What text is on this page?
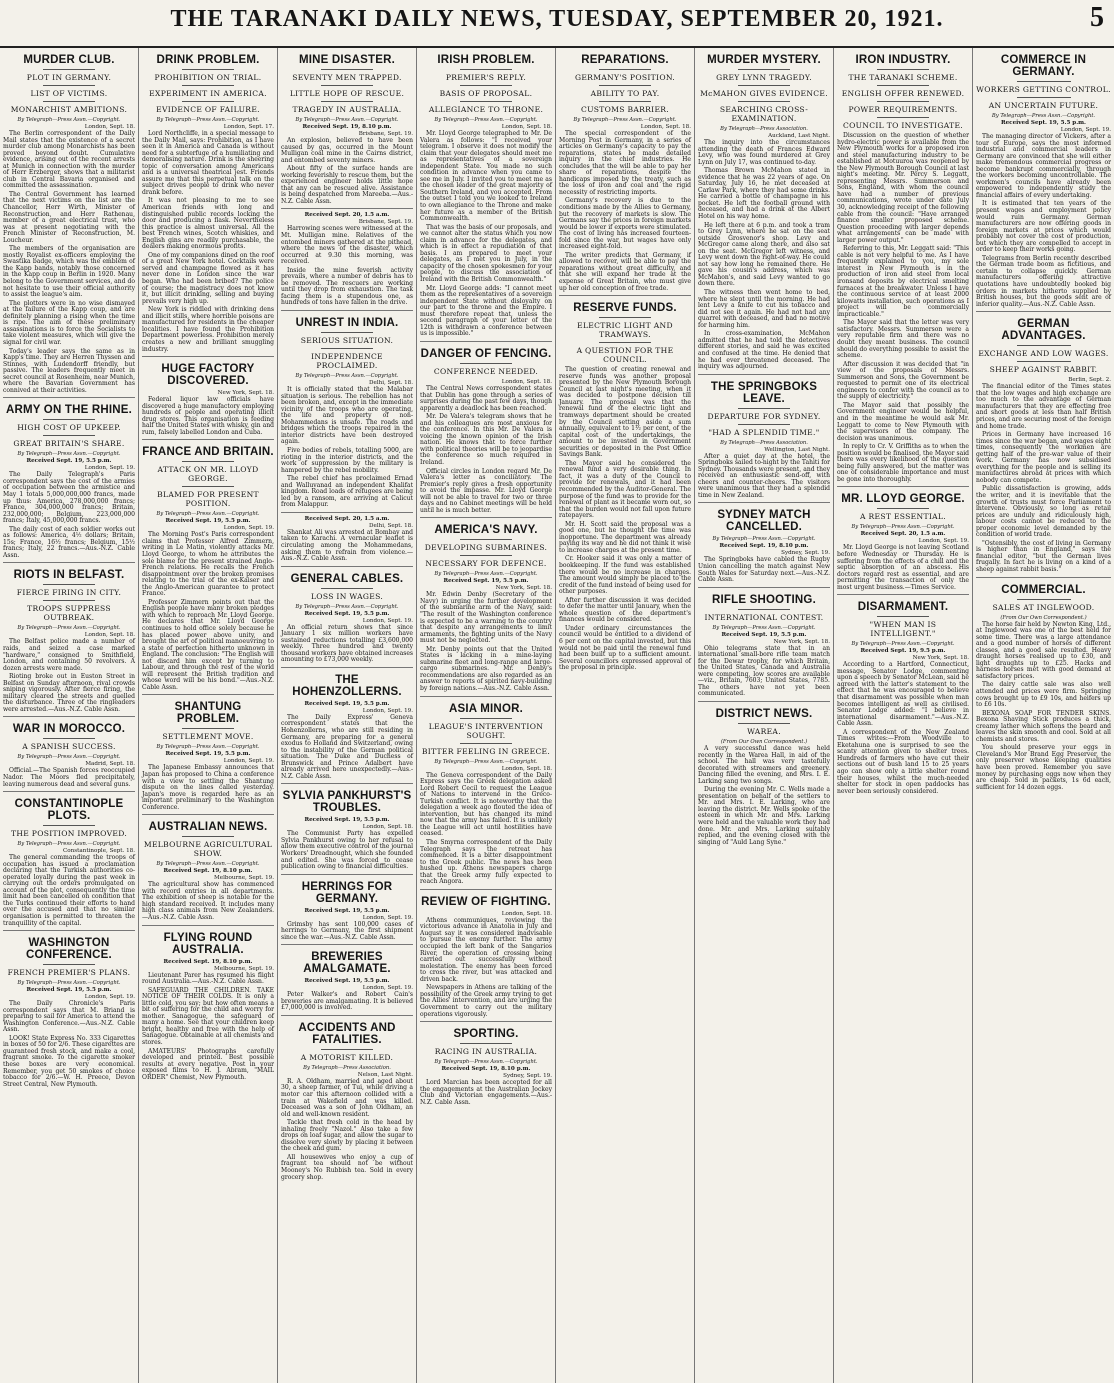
THE TARANAKI DAILY NEWS, TUESDAY, SEPTEMBER 20, 1921.	5
MURDER CLUB.
PLOT IN GERMANY.
LIST OF VICTIMS.
MONARCHIST AMBITIONS.
By Telegraph—Press Assn.—Copyright.
London, Sept. 18.

The Berlin correspondent of the Daily Mail states that the existence of a secret murder club among Monarchists has been proved beyond doubt. Cumulative evidence, arising out of the recent arrests at Munich in connection with the murder of Herr Erzberger, shows that a militarist club in Central Bavaria organised and committed the assassination.

The Central Government has learned that the next victims on the list are the Chancellor, Herr Wirth, Minister of Reconstruction, and Herr Rathenau, member of a great electrical trust, who was at present negotiating with the French Minister of Reconstruction, M. Loucheur.

The members of the organisation are mostly Royalist ex-officers employing the Swastika badge, which was the emblem of the Kapp bands, notably those concerned in the Kapp coup in Berlin in 1920. Many belong to the Government services, and do not hesitate to use their official authority to assist the league's aim.

The plotters were in no wise dismayed at the failure of the Kapp coup, and are definitely planning a rising when the time is ripe. The aim of these preliminary assassinations is to force the Socialists to take violent measures, which will give the signal for civil war.

Today's leader says the same as in Kapp's time. They are Herren Thyssen and Stinnes, with Ludendorff friendly, but passive. The leaders frequently meet in secret council at Rosenheim, near Munich, where the Bavarian Government has connived at their activities.

ARMY ON THE RHINE.
HIGH COST OF UPKEEP.
GREAT BRITAIN'S SHARE.
By Telegraph—Press Assn.—Copyright.
Received Sept. 19, 5.5 p.m.
London, Sept. 19.

The Daily Telegraph's Paris correspondent says the cost of the armies of occupation between the armistice and May 1 totals 5,000,000,000 francs, made up thus: America, 278,000,000 francs; France, 304,000,000 francs; Britain, 232,000,000; Belgium, 223,000,000 francs; Italy, 45,000,000 francs.

The daily cost of each soldier works out as follows: America, 4½ dollars; Britain, 15s; France, 16½ francs; Belgium, 15½ francs; Italy, 22 francs.—Aus.-N.Z. Cable Assn.

RIOTS IN BELFAST.
FIERCE FIRING IN CITY.
TROOPS SUPPRESS OUTBREAK.
By Telegraph—Press Assn.—Copyright.
London, Sept. 18.

The Belfast police made a number of raids, and seized a case marked "hardware," consigned to Smithfield, London, and containing 50 revolvers. A dozen arrests were made.

Rioting broke out in Euston Street in Belfast on Sunday afternoon, rival crowds sniping vigorously. After fierce firing, the military cleared the streets and quelled the disturbance. Three of the ringleaders were arrested.—Aus.-N.Z. Cable Assn.

WAR IN MOROCCO.
A SPANISH SUCCESS.
By Telegraph—Press Assn.—Copyright.
Madrid, Sept. 18.

Official.—The Spanish forces reoccupied Nador. The Moors fled precipitately, leaving numerous dead and several guns.

CONSTANTINOPLE PLOTS.
THE POSITION IMPROVED.
By Telegraph—Press Assn.—Copyright.
Constantinople, Sept. 18.

The general commanding the troops of occupation has issued a proclamation declaring that the Turkish authorities co-operated loyally during the past week in carrying out the orders promulgated on account of the plot, consequently the time limit had been cancelled on condition that the Turks continued their efforts to hand over the accused and that no similar organisation is permitted to threaten the tranquillity of the capital.

WASHINGTON CONFERENCE.
FRENCH PREMIER'S PLANS.
By Telegraph—Press Assn.—Copyright.
Received Sept. 19, 5.5 p.m.
London, Sept. 19.

The Daily Chronicle's Paris correspondent says that M. Briand is preparing to sail for America to attend the Washington Conference.—Aus.-N.Z. Cable Assn.

LOOK! State Express No. 333 Cigarettes in boxes of 50 for 2/6. These cigarettes are guaranteed fresh stock, and make a cool, fragrant smoke. To the cigarette smoker these boxes are very economical. Remember, you get 50 smokes of choice tobacco for 2/6.—W. H. Preece, Devon Street Central, New Plymouth.

DRINK PROBLEM.
PROHIBITION ON TRIAL.
EXPERIMENT IN AMERICA.
EVIDENCE OF FAILURE.
By Telegraph—Press Assn.—Copyright.
London, Sept. 17.

Lord Northcliffe, in a special message to the Daily Mail, says: Prohibition, as I have seen it in America and Canada is without need for a subterfuge of a humiliating and demoralising nature. Drink is the sheering topic of conversation among Americans and is a universal theatrical jest. Friends assure me that this perpetual talk on the subject drives people to drink who never drank before.

It was not pleasing to me to see American friends with long and distinguished public records locking the door and producing a flask. Nevertheless this practice is almost universal. All the best French wines, Scotch whiskies, and English gins are readily purchasable, the dealers making enormous profits.

One of my companions dined on the roof of a great New York hotel. Cocktails were served and champagne flowed as it has never done in London since the war began. Who had been bribed? The police of course; the magistracy does not know it, but illicit drinking, selling and buying prevails very high up.

New York is riddled with drinking dens and illicit stills, where horrible poisons are manufactured for residents in the cheaper localities. I have found the Prohibition Department powerless. Prohibition merely creates a new and brilliant smuggling industry.

HUGE FACTORY DISCOVERED.
New York, Sept. 18.

Federal liquor law officials have discovered a huge manufactory employing hundreds of people and operating illicit drug stores. This organisation is feeding half the United States with whisky, gin and rum, falsely labelled London and Cuba.

FRANCE AND BRITAIN.
ATTACK ON MR. LLOYD GEORGE.
BLAMED FOR PRESENT POSITION.
By Telegraph—Press Assn.—Copyright.
Received Sept. 19, 5.5 p.m.
London, Sept. 19.

The Morning Post's Paris correspondent claims that Professor Alfred Zimmern, writing in Le Matin, violently attacks Mr. Lloyd George, to whom he attributes the sole blame for the present strained Anglo-French relations. He recalls the French disappointment over the broken promises relating to the trial of the ex-Kaiser and the Anglo-American guarantee to protect France.

Professor Zimmern points out that the English people have many broken pledges with which to reproach Mr. Lloyd George. He declares that Mr. Lloyd George continues to hold office solely because he has placed power above unity, and brought the art of political manoeuvring to a state of perfection hitherto unknown in England. The conclusion: "The English will not discard him except by turning to Labour, and through the rest of the world will represent the British tradition and whose word will be his bond."—Aus.-N.Z. Cable Assn.

SHANTUNG PROBLEM.
SETTLEMENT MOVE.
By Telegraph—Press Assn.—Copyright.
Received Sept. 19, 5.5 p.m.
London, Sept. 19.

The Japanese Embassy announces that Japan has proposed to China a conference with a view to settling the Shantung dispute on the lines called yesterday. Japan's move is regarded here as an important preliminary to the Washington Conference.

AUSTRALIAN NEWS.
MELBOURNE AGRICULTURAL SHOW.
By Telegraph—Press Assn.—Copyright.
Received Sept. 19, 8.10 p.m.
Melbourne, Sept. 19.

The agricultural show has commenced with record entries in all departments. The exhibition of sheep is notable for the high standard received. It includes many high class animals from New Zealanders.—Aus.-N.Z. Cable Assn.

FLYING ROUND AUSTRALIA.
Received Sept. 19, 8.10 p.m.
Melbourne, Sept. 19.

Lieutenant Parer has resumed his flight round Australia.—Aus.-N.Z. Cable Assn.

SAFEGUARD THE CHILDREN. TAKE NOTICE OF THEIR COLDS. It is only a little cold, you say; but how often means a bit of suffering for the child and worry for mother. Sanagogue, the safeguard of many a home. See that your children keep bright, healthy and free with the help of Sanagogue. Obtainable at all chemists and stores.

AMATEURS' Photographs carefully developed and printed. Best possible results at every negative. Post in your exposed films to H. J. Abram, "MAIL ORDER" Chemist, New Plymouth.

MINE DISASTER.
SEVENTY MEN TRAPPED.
LITTLE HOPE OF RESCUE.
TRAGEDY IN AUSTRALIA.
By Telegraph—Press Assn.—Copyright.
Received Sept. 19, 8.10 p.m.
Brisbane, Sept. 19.

An explosion, believed to have been caused by gas, occurred in the Mount Mulligan coal mine in the Cairns district, and entombed seventy miners.

About fifty of the surface hands are working feverishly to rescue them, but the experienced engineer holds little hope that any can be rescued alive. Assistance is being despatched from Mareeba.—Aus.-N.Z. Cable Assn.

Received Sept. 20, 1.5 a.m.
Brisbane, Sept. 19.

Harrowing scenes were witnessed at the Mt. Mulligan mine. Relatives of the entombed miners gathered at the pithead, where the news of the disaster, which occurred at 9.30 this morning, was received.

Inside the mine feverish activity prevails, where a number of debris has to be removed. The rescuers are working until they drop from exhaustion. The task facing them is a stupendous one, as hundreds of tons have fallen in the drive.

UNREST IN INDIA.
SERIOUS SITUATION.
INDEPENDENCE PROCLAIMED.
By Telegraph—Press Assn.—Copyright.
Delhi, Sept. 18.

It is officially stated that the Malabar situation is serious. The rebellion has not been broken, and, except in the immediate vicinity of the troops who are operating, the life and property of non-Mohammedans is unsafe. The roads and bridges which the troops repaired in the interior districts have been destroyed again.

Five bodies of rebels, totalling 5000, are rioting in the interior districts, and the work of suppression by the military is hampered by the rebel mobility.

The rebel chief has proclaimed Ernad and Walluvanad an independent Khalifat kingdom. Road loads of refugees are being led by a ransom, are arriving at Calicut from Malappur.

Received Sept. 20, 1.5 a.m.
Delhi, Sept. 18.

Shankat Ali was arrested at Bombay and taken to Karachi. A vernacular leaflet is circulating among the Mohammedans, asking them to refrain from violence.—Aus.-N.Z. Cable Assn.

GENERAL CABLES.
LOSS IN WAGES.
By Telegraph—Press Assn.—Copyright.
Received Sept. 19, 5.5 p.m.
London, Sept. 19.

An official return shows that since January 1 six million workers have sustained reductions totalling £3,600,000 weekly. Three hundred and twenty thousand workers have obtained increases amounting to £73,000 weekly.

THE HOHENZOLLERNS.
Received Sept. 19, 5.5 p.m.
London, Sept. 19.

The Daily Express' Geneva correspondent states that the Hohenzollerns, who are still residing in Germany, are preparing for a general exodus to Holland and Switzerland, owing to the instability of the German political situation. The Duke and Duchess of Brunswick and Prince Adalbert have already arrived here unexpectedly.—Aus.-N.Z. Cable Assn.

SYLVIA PANKHURST'S TROUBLES.
Received Sept. 19, 5.5 p.m.
London, Sept. 18.

The Communist Party has expelled Sylvia Pankhurst owing to her refusal to allow them executive control of the journal Workers' Dreadnought, which she founded and edited. She was forced to cease publication owing to financial difficulties.

HERRINGS FOR GERMANY.
Received Sept. 19, 5.5 p.m.
London, Sept. 19.

Grimsby has sent 100,000 cases of herrings to Germany, the first shipment since the war.—Aus.-N.Z. Cable Assn.

BREWERIES AMALGAMATE.
Received Sept. 19, 5.5 p.m.
London, Sept. 19.

Peter Walker's and Robert Cain's breweries are amalgamating. It is believed £7,000,000 is involved.

ACCIDENTS AND FATALITIES.
A MOTORIST KILLED.
By Telegraph—Press Association.
Nelson, Last Night.

R. A. Oldham, married and aged about 30, a sheep farmer, of Tui, while driving a motor car this afternoon collided with a train at Wakefield and was killed. Deceased was a son of John Oldham, an old and well-known resident.

Tackle that fresh cold in the head by inhaling freely "Nazol." Also take a few drops on loaf sugar, and allow the sugar to dissolve very slowly by placing it between the cheek and gum.

All housewives who enjoy a cup of fragrant tea should not be without Mooney's No Rubbish tea. Sold in every grocery shop.

IRISH PROBLEM.
PREMIER'S REPLY.
BASIS OF PROPOSAL.
ALLEGIANCE TO THRONE.
By Telegraph—Press Assn.—Copyright.
London, Sept. 18.

Mr. Lloyd George telegraphed to Mr. De Valera as follows: "I received your telegram. I observe it does not modify the claim that your delegates should meet me as representatives of a sovereign independent State. You made no such condition in advance when you came to see me in July. I invited you to meet me as the chosen leader of the great majority of Southern Ireland, and you accepted. From the outset I told you we looked to Ireland to own allegiance to the Throne and make her future as a member of the British Commonwealth.

That was the basis of our proposals, and we cannot alter the status which you now claim in advance for the delegates, and which is in effect a repudiation of that basis. I am prepared to meet your delegates, as I met you in July, in the capacity of the chosen spokesmen for your people, to discuss the association of Ireland with the British Commonwealth."

Mr. Lloyd George adds: "I cannot meet them as the representatives of a sovereign independent State without disloyalty on our part to the throne and the Empire. I must therefore repeat that, unless the second paragraph of your letter of the 12th is withdrawn a conference between us is impossible."

DANGER OF FENCING.
CONFERENCE NEEDED.
London, Sept. 18.

The Central News correspondent states that Dublin has gone through a series of surprises during the past few days, though apparently a deadlock has been reached.

Mr. De Valera's telegram shows that he and his colleagues are most anxious for the conference. In this Mr. De Valera is voicing the known opinion of the Irish nation. He knows that to force further with political theories will be to jeopardise the conference so much required in Ireland.

Official circles in London regard Mr. De Valera's letter as conciliatory. The Premier's reply gives a fresh opportunity to avoid the impasse. Mr. Lloyd George will not be able to travel for two or three days and no Cabinet meetings will be held until he is much better.

AMERICA'S NAVY.
DEVELOPING SUBMARINES.
NECESSARY FOR DEFENCE.
By Telegraph—Press Assn.—Copyright.
Received Sept. 19, 5.5 p.m.
New York, Sept. 18.

Mr. Edwin Denby (Secretary of the Navy) in urging the further development of the submarine arm of the Navy, said: "The result of the Washington conference is expected to be a warning to the country that despite any arrangements to limit armaments, the fighting units of the Navy must not be neglected."

Mr. Denby points out that the United States is lacking in a mine-laying submarine fleet and long-range and large-cargo submarines. Mr. Denby's recommendations are also regarded as an answer to reports of spirited navy-building by foreign nations.—Aus.-N.Z. Cable Assn.

ASIA MINOR.
LEAGUE'S INTERVENTION SOUGHT.
BITTER FEELING IN GREECE.
By Telegraph—Press Assn.—Copyright.
London, Sept. 18.

The Geneva correspondent of the Daily Express says the Greek delegation asked Lord Robert Cecil to request the League of Nations to intervene in the Greco-Turkish conflict. It is noteworthy that the delegation a week ago flouted the idea of intervention, but has changed its mind now that the army has failed. It is unlikely the League will act until hostilities have ceased.

The Smyrna correspondent of the Daily Telegraph says the retreat has commenced. It is a bitter disappointment to the Greek public. The news has been hushed up. Athens newspapers charge that the Greek army fully expected to reach Angora.

REVIEW OF FIGHTING.
London, Sept. 18.

Athens communiques, reviewing the victorious advance in Anatolia in July and August say it was considered inadvisable to pursue the enemy further. The army occupied the left bank of the Sangarios River, the operation of crossing being carried out successfully without molestation. The enemy has been forced to cross the river, but was attacked and driven back.

Newspapers in Athens are talking of the possibility of the Greek army trying to get the Allies' intervention, and are urging the Government to carry out the military operations vigorously.

SPORTING.
RACING IN AUSTRALIA.
By Telegraph—Press Assn.—Copyright.
Received Sept. 19, 8.10 p.m.
Sydney, Sept. 19.

Lord Marcian has been accepted for all the engagements at the Australian Jockey Club and Victorian engagements.—Aus.-N.Z. Cable Assn.

REPARATIONS.
GERMANY'S POSITION.
ABILITY TO PAY.
CUSTOMS BARRIER.
By Telegraph—Press Assn.—Copyright.
London, Sept. 18.

The special correspondent of the Morning Post in Germany, in a series of articles on Germany's capacity to pay the reparations, states he made detailed inquiry in the chief industries. He concludes that the will be able to pay her share of reparations, despite the handicaps imposed by the treaty, such as the loss of iron and coal and the rigid necessity of restricting imports.

Germany's recovery is due to the conditions made by the Allies to Germany, but the recovery of markets is slow. The Germans say the prices in foreign markets would be lower if exports were stimulated. The cost of living has increased fourteen-fold since the war, but wages have only increased eight-fold.

The writer predicts that Germany, if allowed to recover, will be able to pay the reparations without great difficulty, and that she will expand her trade at the expense of Great Britain, who must give up her old conception of free trade.

RESERVE FUNDS.
ELECTRIC LIGHT AND TRAMWAYS.
A QUESTION FOR THE COUNCIL.

The question of creating renewal and reserve funds was another proposal presented by the New Plymouth Borough Council at last night's meeting, when it was decided to postpone decision till January. The proposal was that the renewal fund of the electric light and tramways department should be created by the Council setting aside a sum annually, equivalent to 1½ per cent, of the capital cost of the undertakings, the amount to be invested in Government securities or deposited in the Post Office Savings Bank.

The Mayor said he considered the renewal fund a very desirable thing. In fact, it was a duty of the Council to provide for renewals, and it had been recommended by the Auditor-General. The purpose of the fund was to provide for the renewal of plant as it became worn out, so that the burden would not fall upon future ratepayers.

Mr. H. Scott said the proposal was a good one, but he thought the time was inopportune. The department was already paying its way and he did not think it wise to increase charges at the present time.

Cr. Hooker said it was only a matter of bookkeeping. If the fund was established there would be no increase in charges. The amount would simply be placed to the credit of the fund instead of being used for other purposes.

After further discussion it was decided to defer the matter until January, when the whole question of the department's finances would be considered.

Under ordinary circumstances the council would be entitled to a dividend of 6 per cent on the capital invested, but this would not be paid until the renewal fund had been built up to a sufficient amount. Several councillors expressed approval of the proposal in principle.

MURDER MYSTERY.
GREY LYNN TRAGEDY.
McMAHON GIVES EVIDENCE.
SEARCHING CROSS-EXAMINATION.
By Telegraph—Press Association.
Auckland, Last Night.

The inquiry into the circumstances attending the death of Frances Edward Levy, who was found murdered at Grey Lynn on July 17, was continued to-day.

Thomas Brown McMahon stated in evidence that he was 22 years of age. On Saturday, July 16, he met deceased at Carlaw Park, where they had some drinks. He carried a bottle of champagne in his pocket. He left the football ground with deceased, and had a drink at the Albert Hotel on his way home.

He left there at 6 p.m. and took a tram to Grey Lynn, where he sat on the seat outside Grosvenor's shop. Levy and McGregor came along there, and also sat on the seat. McGregor left witness, and Levy went down the right-of-way. He could not say how long he remained there. He gave his cousin's address, which was McMahon's, and said Levy wanted to go down there.

The witness then went home to bed, where he slept until the morning. He had lent Levy a knife to cut his tobacco and did not see it again. He had not had any quarrel with deceased, and had no motive for harming him.

In cross-examination, McMahon admitted that he had told the detectives different stories, and said he was excited and confused at the time. He denied that he had ever threatened deceased. The inquiry was adjourned.

THE SPRINGBOKS LEAVE.
DEPARTURE FOR SYDNEY.
"HAD A SPLENDID TIME."
By Telegraph—Press Association.
Wellington, Last Night.

After a quiet day at the hotel, the Springboks sailed to-night by the Tahiti for Sydney. Thousands were present, and they received an enthusiastic send-off, with cheers and counter-cheers. The visitors were unanimous that they had a splendid time in New Zealand.

SYDNEY MATCH CANCELLED.
By Telegraph—Press Assn.—Copyright.
Received Sept. 19, 8.10 p.m.
Sydney, Sept. 19.

The Springboks have cabled the Rugby Union cancelling the match against New South Wales for Saturday next.—Aus.-N.Z. Cable Assn.

RIFLE SHOOTING.
INTERNATIONAL CONTEST.
By Telegraph—Press Assn.—Copyright.
Received Sept. 19, 5.5 p.m.
New York, Sept. 18.

Ohio telegrams state that in an international small-bore rifle team match for the Dewar trophy, for which Britain, the United States, Canada and Australia were competing, low scores are available—viz., Britain, 7603; United States, 7785. The others have not yet been communicated.

DISTRICT NEWS.
WAREA.
(From Our Own Correspondent.)

A very successful dance was held recently in the Warea Hall, in aid of the school. The hall was very tastefully decorated with streamers and greenery. Dancing filled the evening, and Mrs. I. E. Larking sang two songs.

During the evening Mr. C. Wells made a presentation on behalf of the settlers to Mr. and Mrs. I. E. Larking, who are leaving the district. Mr. Wells spoke of the esteem in which Mr. and Mrs. Larking were held and the valuable work they had done. Mr. and Mrs. Larking suitably replied, and the evening closed with the singing of "Auld Lang Syne."

IRON INDUSTRY.
THE TARANAKI SCHEME.
ENGLISH OFFER RENEWED.
POWER REQUIREMENTS.
COUNCIL TO INVESTIGATE.

Discussion on the question of whether hydro-electric power is available from the New Plymouth works for a proposed iron and steel manufacturing industry to be established at Motuuroa was reopened by the New Plymouth Borough Council at last night's meeting. Mr. Percy S. Leggatt, representing Messrs. Summerson and Sons, England, with whom the council have had a number of previous communications, wrote under date July 30, acknowledging receipt of the following cable from the council: "Have arranged finance smaller proposed scheme. Question proceeding with larger depends what arrangements can be made with larger power output."

Referring to this, Mr. Leggatt said: "This cable is not very helpful to me. As I have frequently explained to you, my sole interest in New Plymouth is in the production of iron and steel from local ironsand deposits by electrical smelting furnaces at the breakwater. Unless I have the continuous service of at least 2000 kilowatts installation, such operations as I project will be commercially impracticable."

The Mayor said that the letter was very satisfactory. Messrs. Summerson were a very reputable firm and there was no doubt they meant business. The council should do everything possible to assist the scheme.

After discussion it was decided that "in view of the proposals of Messrs. Summerson and Sons, the Government be requested to permit one of its electrical engineers to confer with the council as to the supply of electricity."

The Mayor said that possibly the Government engineer would be helpful, and in the meantime he would ask Mr. Leggatt to come to New Plymouth with the supervisors of the company. The decision was unanimous.

In reply to Cr. V. Griffiths as to when the position would be finalised, the Mayor said there was every likelihood of the question being fully answered, but the matter was one of considerable importance and must be gone into thoroughly.

MR. LLOYD GEORGE.
A REST ESSENTIAL.
By Telegraph—Press Assn.—Copyright.
Received Sept. 20, 1.5 a.m.
London, Sept. 19.

Mr. Lloyd George is not leaving Scotland before Wednesday or Thursday. He is suffering from the effects of a chill and the septic absorption of an abscess. His doctors regard rest as essential, and are permitting the transaction of only the most urgent business.—Times Service.

DISARMAMENT.
"WHEN MAN IS INTELLIGENT."
By Telegraph—Press Assn.—Copyright.
Received Sept. 19, 9.5 p.m.
New York, Sept. 18.

According to a Hartford, Connecticut, message, Senator Lodge, commenting upon a speech by Senator McLean, said he agreed with the latter's statement to the effect that he was encouraged to believe that disarmament was possible when man becomes intelligent as well as civilised. Senator Lodge added: "I believe in international disarmament."—Aus.-N.Z. Cable Assn.

A correspondent of the New Zealand Times writes:—From Woodville to Eketahuna one is surprised to see the scanty attention given to shelter trees. Hundreds of farmers who have cut their sections out of bush land 15 to 25 years ago can show only a little shelter round their houses, whilst the much-needed shelter for stock in open paddocks has never been seriously considered.

COMMERCE IN GERMANY.
WORKERS GETTING CONTROL.
AN UNCERTAIN FUTURE.
By Telegraph—Press Assn.—Copyright.
Received Sept. 19, 5.5 p.m.
London, Sept. 19.

The managing director of Vickers, after a tour of Europe, says the most informed industrial and commercial leaders in Germany are convinced that she will either make tremendous commercial progress or become bankrupt commercially, through the workers becoming uncontrollable. The workmen's councils have already been empowered to independently study the financial affairs of every undertaking.

It is estimated that ten years of the present wages and employment policy would ruin Germany. German manufacturers are now offering goods in foreign markets at prices which would probably not cover the cost of production, but which they are compelled to accept in order to keep their works going.

Telegrams from Berlin recently described the German trade boom as fictitious, and certain to collapse quickly. German manufacturers offering attractive quotations have undoubtedly booked big orders in markets hitherto supplied by British houses, but the goods sent are of inferior quality.—Aus.-N.Z. Cable Assn.

GERMAN ADVANTAGES.
EXCHANGE AND LOW WAGES.
SHEEP AGAINST RABBIT.
Berlin, Sept. 2.

The financial editor of the Times states that the low wages and high exchange are too much to the advantage of German manufacturers that they are effecting free and short goods at less than half British prices, and are securing most of the foreign and home trade.

Prices in Germany have increased 16 times since the war began, and wages eight times, consequently the workmen are getting half of the pre-war value of their work. Germany has now subsidised everything for the people and is selling its manufactures abroad at prices with which nobody can compete.

Public dissatisfaction is growing, adds the writer, and it is inevitable that the growth of trusts must force Parliament to intervene. Obviously, so long as retail prices are unduly and ridiculously high, labour costs cannot be reduced to the proper economic level demanded by the condition of world trade.

"Ostensibly, the cost of living in Germany is higher than in England," says the financial editor, "but the German lives frugally. In fact he is living on a kind of a sheep against rabbit basis."

COMMERCIAL.
SALES AT INGLEWOOD.
(From Our Own Correspondent.)

The horse fair held by Newton King, Ltd., at Inglewood was one of the best held for some time. There was a large attendance and a good number of horses of different classes, and a good sale resulted. Heavy draught horses realised up to £30, and light draughts up to £25. Hacks and harness horses met with good demand at satisfactory prices.

The dairy cattle sale was also well attended and prices were firm. Springing cows brought up to £9 10s, and heifers up to £6 10s.

BEXONA SOAP FOR TENDER SKINS. Bexona Shaving Stick produces a thick, creamy lather which softens the beard and leaves the skin smooth and cool. Sold at all chemists and stores.

You should preserve your eggs in Cleveland's Mor Brand Egg Preserver, the only preserver whose keeping qualities have been proved. Remember you save money by purchasing eggs now when they are cheap. Sold in packets, 1s 6d each, sufficient for 14 dozen eggs.
